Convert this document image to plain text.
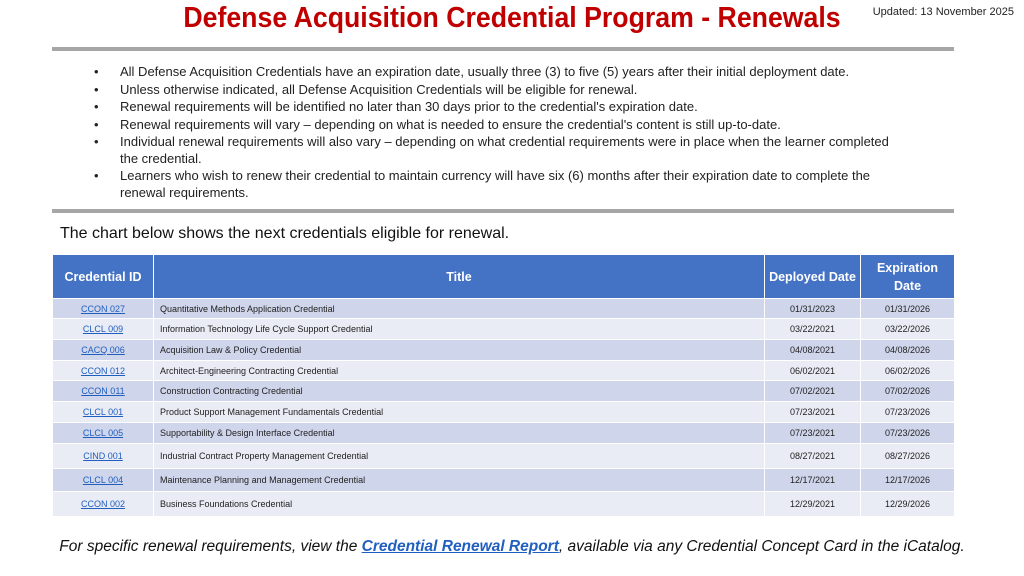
Defense Acquisition Credential Program - Renewals	Updated: 13 November 2025
• All Defense Acquisition Credentials have an expiration date, usually three (3) to five (5) years after their initial deployment date.
• Unless otherwise indicated, all Defense Acquisition Credentials will be eligible for renewal.
• Renewal requirements will be identified no later than 30 days prior to the credential's expiration date.
• Renewal requirements will vary – depending on what is needed to ensure the credential's content is still up-to-date.
• Individual renewal requirements will also vary – depending on what credential requirements were in place when the learner completed the credential.
• Learners who wish to renew their credential to maintain currency will have six (6) months after their expiration date to complete the renewal requirements.
The chart below shows the next credentials eligible for renewal.
Credential ID	Title	Deployed Date	Expiration Date
CCON 027	Quantitative Methods Application Credential	01/31/2023	01/31/2026
CLCL 009	Information Technology Life Cycle Support Credential	03/22/2021	03/22/2026
CACQ 006	Acquisition Law & Policy Credential	04/08/2021	04/08/2026
CCON 012	Architect-Engineering Contracting Credential	06/02/2021	06/02/2026
CCON 011	Construction Contracting Credential	07/02/2021	07/02/2026
CLCL 001	Product Support Management Fundamentals Credential	07/23/2021	07/23/2026
CLCL 005	Supportability & Design Interface Credential	07/23/2021	07/23/2026
CIND 001	Industrial Contract Property Management Credential	08/27/2021	08/27/2026
CLCL 004	Maintenance Planning and Management Credential	12/17/2021	12/17/2026
CCON 002	Business Foundations Credential	12/29/2021	12/29/2026
For specific renewal requirements, view the Credential Renewal Report, available via any Credential Concept Card in the iCatalog.
